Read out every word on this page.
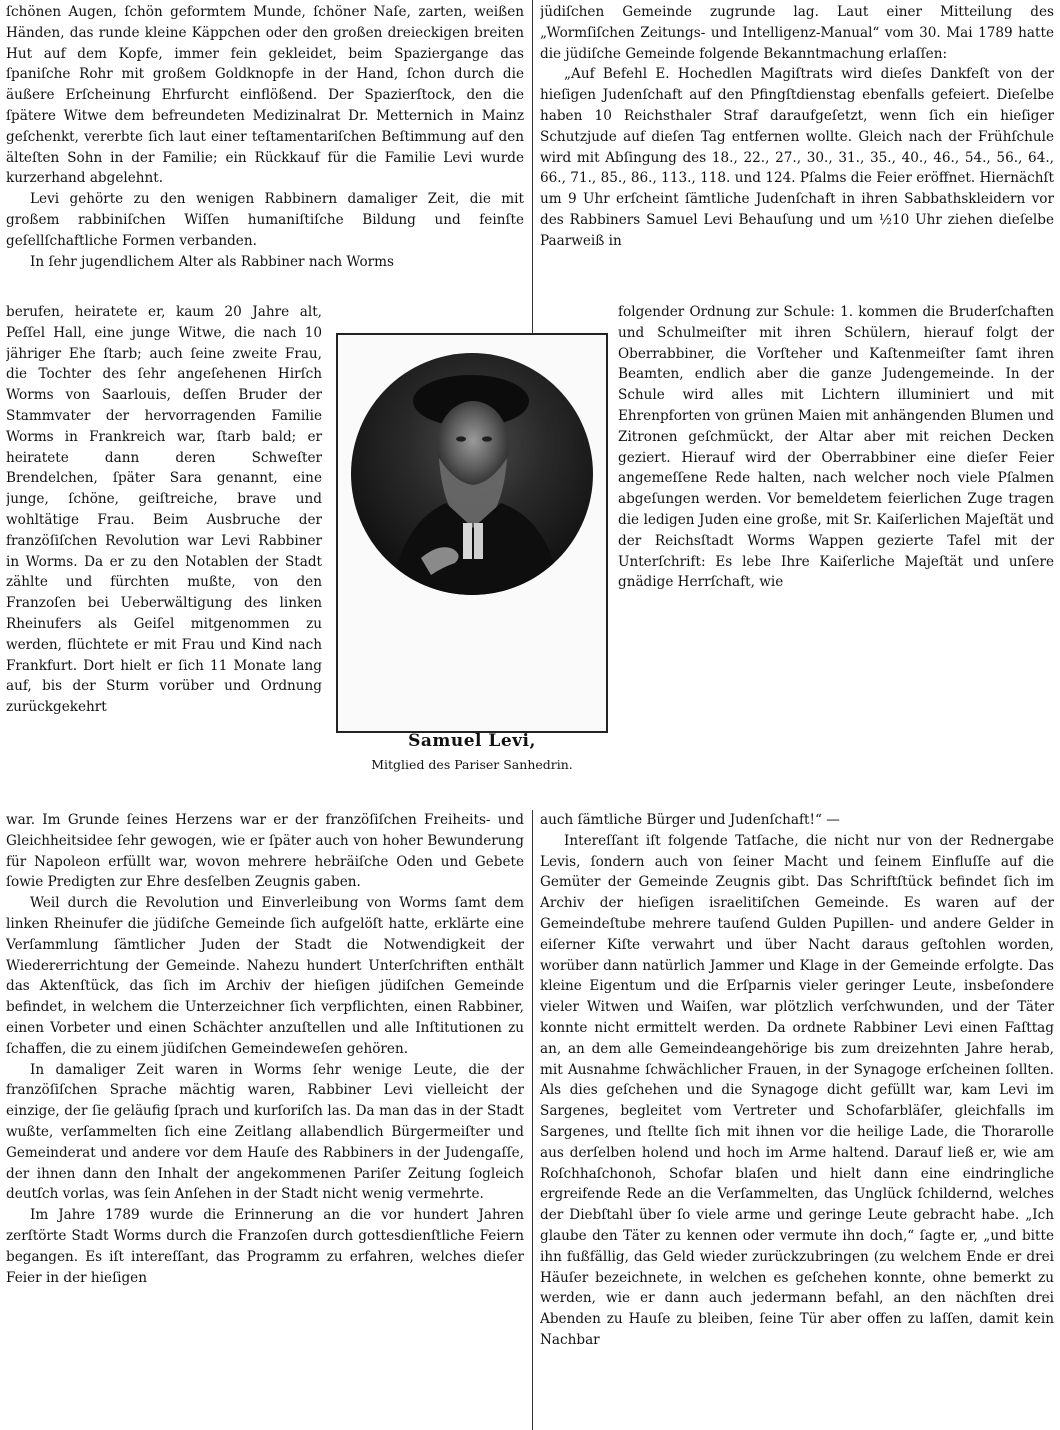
ſchönen Augen, ſchön geformtem Munde, ſchöner Naſe, zarten, weißen Händen, das runde kleine Käppchen oder den großen dreieckigen breiten Hut auf dem Kopfe, immer fein gekleidet, beim Spaziergange das ſpaniſche Rohr mit großem Goldknopfe in der Hand, ſchon durch die äußere Erſcheinung Ehrfurcht einflößend. Der Spazierſtock, den die ſpätere Witwe dem befreundeten Medizinalrat Dr. Metternich in Mainz geſchenkt, vererbte ſich laut einer teſtamentariſchen Beſtimmung auf den älteſten Sohn in der Familie; ein Rückkauf für die Familie Levi wurde kurzerhand abgelehnt.

Levi gehörte zu den wenigen Rabbinern damaliger Zeit, die mit großem rabbiniſchen Wiſſen humaniſtiſche Bildung und feinſte geſellſchaftliche Formen verbanden.

In ſehr jugendlichem Alter als Rabbiner nach Worms

berufen, heiratete er, kaum 20 Jahre alt, Peſſel Hall, eine junge Witwe, die nach 10 jähriger Ehe ſtarb; auch ſeine zweite Frau, die Tochter des ſehr angeſehenen Hirſch Worms von Saarlouis, deſſen Bruder der Stammvater der hervorragenden Familie Worms in Frankreich war, ſtarb bald; er heiratete dann deren Schweſter Brendelchen, ſpäter Sara genannt, eine junge, ſchöne, geiſtreiche, brave und wohltätige Frau. Beim Ausbruche der franzöſiſchen Revolution war Levi Rabbiner in Worms. Da er zu den Notablen der Stadt zählte und fürchten mußte, von den Franzoſen bei Ueberwältigung des linken Rheinufers als Geiſel mitgenommen zu werden, flüchtete er mit Frau und Kind nach Frankfurt. Dort hielt er ſich 11 Monate lang auf, bis der Sturm vorüber und Ordnung zurückgekehrt

war. Im Grunde ſeines Herzens war er der franzöſiſchen Freiheits- und Gleichheitsidee ſehr gewogen, wie er ſpäter auch von hoher Bewunderung für Napoleon erfüllt war, wovon mehrere hebräiſche Oden und Gebete ſowie Predigten zur Ehre desſelben Zeugnis gaben.

Weil durch die Revolution und Einverleibung von Worms ſamt dem linken Rheinufer die jüdiſche Gemeinde ſich aufgelöſt hatte, erklärte eine Verſammlung ſämtlicher Juden der Stadt die Notwendigkeit der Wiedererrichtung der Gemeinde. Nahezu hundert Unterſchriften enthält das Aktenſtück, das ſich im Archiv der hieſigen jüdiſchen Gemeinde befindet, in welchem die Unterzeichner ſich verpflichten, einen Rabbiner, einen Vorbeter und einen Schächter anzuſtellen und alle Inſtitutionen zu ſchaffen, die zu einem jüdiſchen Gemeindeweſen gehören.

In damaliger Zeit waren in Worms ſehr wenige Leute, die der franzöſiſchen Sprache mächtig waren, Rabbiner Levi vielleicht der einzige, der ſie geläufig ſprach und kurſoriſch las. Da man das in der Stadt wußte, verſammelten ſich eine Zeitlang allabendlich Bürgermeiſter und Gemeinderat und andere vor dem Hauſe des Rabbiners in der Judengaſſe, der ihnen dann den Inhalt der angekommenen Pariſer Zeitung ſogleich deutſch vorlas, was ſein Anſehen in der Stadt nicht wenig vermehrte.

Im Jahre 1789 wurde die Erinnerung an die vor hundert Jahren zerſtörte Stadt Worms durch die Franzoſen durch gottesdienſtliche Feiern begangen. Es iſt intereſſant, das Programm zu erfahren, welches dieſer Feier in der hieſigen

jüdiſchen Gemeinde zugrunde lag. Laut einer Mitteilung des „Wormſiſchen Zeitungs- und Intelligenz-Manual“ vom 30. Mai 1789 hatte die jüdiſche Gemeinde folgende Bekanntmachung erlaſſen:

„Auf Befehl E. Hochedlen Magiſtrats wird dieſes Dankfeſt von der hieſigen Judenſchaft auf den Pfingſtdienstag ebenfalls gefeiert. Dieſelbe haben 10 Reichsthaler Straf daraufgeſetzt, wenn ſich ein hieſiger Schutzjude auf dieſen Tag entfernen wollte. Gleich nach der Frühſchule wird mit Abſingung des 18., 22., 27., 30., 31., 35., 40., 46., 54., 56., 64., 66., 71., 85., 86., 113., 118. und 124. Pſalms die Feier eröffnet. Hiernächſt um 9 Uhr erſcheint ſämtliche Judenſchaft in ihren Sabbathskleidern vor des Rabbiners Samuel Levi Behauſung und um ½10 Uhr ziehen dieſelbe Paarweiß in

folgender Ordnung zur Schule: 1. kommen die Bruderſchaften und Schulmeiſter mit ihren Schülern, hierauf folgt der Oberrabbiner, die Vorſteher und Kaſtenmeiſter ſamt ihren Beamten, endlich aber die ganze Judengemeinde. In der Schule wird alles mit Lichtern illuminiert und mit Ehrenpforten von grünen Maien mit anhängenden Blumen und Zitronen geſchmückt, der Altar aber mit reichen Decken geziert. Hierauf wird der Oberrabbiner eine dieſer Feier angemeſſene Rede halten, nach welcher noch viele Pſalmen abgeſungen werden. Vor bemeldetem feierlichen Zuge tragen die ledigen Juden eine große, mit Sr. Kaiſerlichen Majeſtät und der Reichsſtadt Worms Wappen gezierte Tafel mit der Unterſchrift: Es lebe Ihre Kaiſerliche Majeſtät und unſere gnädige Herrſchaft, wie

auch ſämtliche Bürger und Judenſchaft!“ —

Intereſſant iſt folgende Tatſache, die nicht nur von der Rednergabe Levis, ſondern auch von ſeiner Macht und ſeinem Einfluſſe auf die Gemüter der Gemeinde Zeugnis gibt. Das Schriftſtück befindet ſich im Archiv der hieſigen israelitiſchen Gemeinde. Es waren auf der Gemeindeſtube mehrere tauſend Gulden Pupillen- und andere Gelder in eiſerner Kiſte verwahrt und über Nacht daraus geſtohlen worden, worüber dann natürlich Jammer und Klage in der Gemeinde erfolgte. Das kleine Eigentum und die Erſparnis vieler geringer Leute, insbeſondere vieler Witwen und Waiſen, war plötzlich verſchwunden, und der Täter konnte nicht ermittelt werden. Da ordnete Rabbiner Levi einen Faſttag an, an dem alle Gemeindeangehörige bis zum dreizehnten Jahre herab, mit Ausnahme ſchwächlicher Frauen, in der Synagoge erſcheinen ſollten. Als dies geſchehen und die Synagoge dicht gefüllt war, kam Levi im Sargenes, begleitet vom Vertreter und Schofarbläſer, gleichfalls im Sargenes, und ſtellte ſich mit ihnen vor die heilige Lade, die Thorarolle aus derſelben holend und hoch im Arme haltend. Darauf ließ er, wie am Roſchhaſchonoh, Schofar blaſen und hielt dann eine eindringliche ergreifende Rede an die Verſammelten, das Unglück ſchildernd, welches der Diebſtahl über ſo viele arme und geringe Leute gebracht habe. „Ich glaube den Täter zu kennen oder vermute ihn doch,“ ſagte er, „und bitte ihn fußfällig, das Geld wieder zurückzubringen (zu welchem Ende er drei Häuſer bezeichnete, in welchen es geſchehen konnte, ohne bemerkt zu werden, wie er dann auch jedermann befahl, an den nächſten drei Abenden zu Hauſe zu bleiben, ſeine Tür aber offen zu laſſen, damit kein Nachbar

Samuel Levi,
Mitglied des Pariser Sanhedrin.
